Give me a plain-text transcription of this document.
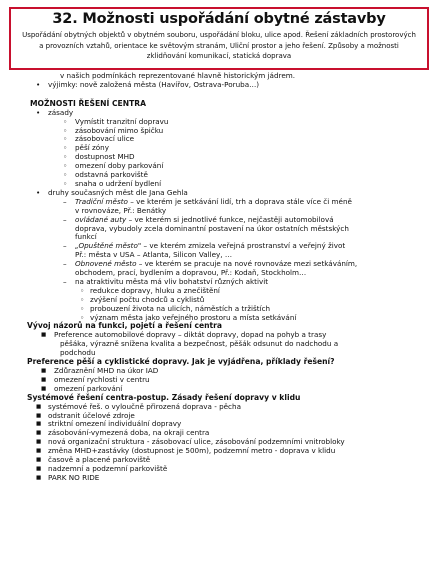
32. Možnosti uspořádání obytné zástavby
Uspořádání obytných objektů v obytném souboru, uspořádání bloku, ulice apod. Řešení základních prostorových
a provozních vztahů, orientace ke světovým stranám, Uliční prostor a jeho řešení. Způsoby a možnosti
zklidňování komunikací, statická doprava
v našich podmínkách reprezentované hlavně historickým jádrem.
• výjimky: nově založená města (Havířov, Ostrava-Poruba…)
MOŽNOSTI ŘEŠENÍ CENTRA
• zásady
◦ Vymístit tranzitní dopravu
◦ zásobování mimo špičku
◦ zásobovací ulice
◦ pěší zóny
◦ dostupnost MHD
◦ omezení doby parkování
◦ odstavná parkoviště
◦ snaha o udržení bydlení
• druhy současných měst dle Jana Gehla
– Tradiční město – ve kterém je setkávání lidí, trh a doprava stále více či méně
v rovnováze, Př.: Benátky
– ovládané auty – ve kterém si jednotlivé funkce, nejčastěji automobilová
doprava, vybudoly zcela dominantní postavení na úkor ostatních městských
funkcí
– „Opuštěné město" – ve kterém zmizela veřejná prostranství a veřejný život
Př.: města v USA – Atlanta, Silicon Valley, …
– Obnovené město – ve kterém se pracuje na nové rovnováze mezi setkáváním,
obchodem, prací, bydlením a dopravou, Př.: Kodaň, Stockholm…
– na atraktivitu města má vliv bohatství různých aktivit
◦ redukce dopravy, hluku a znečištění
◦ zvýšení počtu chodců a cyklistů
◦ probouzení života na ulicích, náměstích a tržištích
◦ význam města jako veřejného prostoru a místa setkávání
Vývoj názorů na funkci, pojetí a řešení centra
■ Preference automobilové dopravy – diktát dopravy, dopad na pohyb a trasy
pěšáka, výrazně snížena kvalita a bezpečnost, pěšák odsunut do nadchodu a
podchodu
Preference pěší a cyklistické dopravy. Jak je vyjádřena, příklady řešení?
■ Zdůraznění MHD na úkor IAD
■ omezení rychlosti v centru
■ omezení parkování
Systémové řešení centra-postup. Zásady řešení dopravy v klidu
■ systémové řeš. o vyloučně přirozená doprava - pěcha
■ odstranit účelové zdroje
■ striktní omezení individuální dopravy
■ zásobování-vymezená doba, na okraji centra
■ nová organizační struktura - zásobovací ulice, zásobování podzemními vnitrobloky
■ změna MHD+zastávky (dostupnost je 500m), podzemní metro - doprava v klidu
■ časově a placené parkoviště
■ nadzemní a podzemní parkoviště
■ PARK NO RIDE
